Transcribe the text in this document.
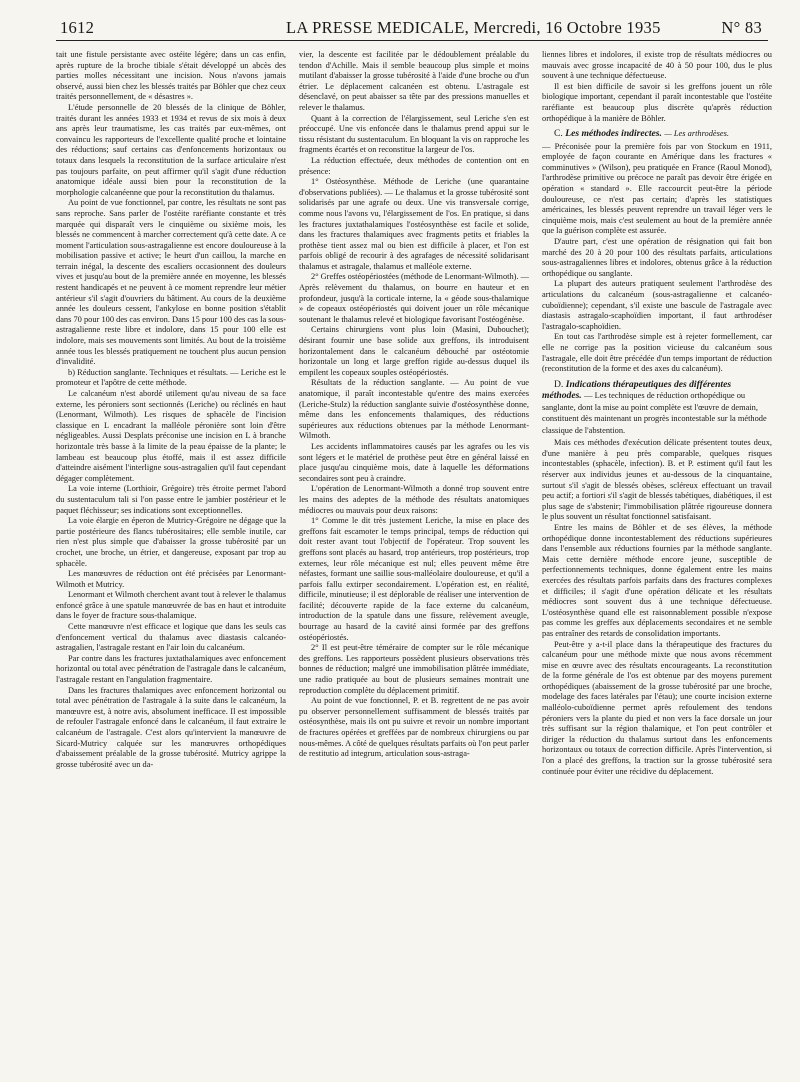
1612	LA PRESSE MEDICALE, Mercredi, 16 Octobre 1935	N° 83

tait une fistule persistante avec ostéite légère; dans un cas enfin, après rupture de la broche tibiale s'était développé un abcès des parties molles nécessitant une incision. Nous n'avons jamais observé, aussi bien chez les blessés traités par Böhler que chez ceux traités personnellement, de « désastres ».

L'étude personnelle de 20 blessés de la clinique de Böhler, traités durant les années 1933 et 1934 et revus de six mois à deux ans après leur traumatisme, les cas traités par eux-mêmes, ont convaincu les rapporteurs de l'excellente qualité proche et lointaine des réductions; sauf certains cas d'enfoncements horizontaux ou totaux dans lesquels la reconstitution de la surface articulaire n'est pas toujours parfaite, on peut affirmer qu'il s'agit d'une réduction anatomique idéale aussi bien pour la reconstitution de la morphologie calcanéenne que pour la reconstitution du thalamus.

Au point de vue fonctionnel, par contre, les résultats ne sont pas sans reproche. Sans parler de l'ostéite raréfiante constante et très marquée qui disparaît vers le cinquième ou sixième mois, les blessés ne commencent à marcher correctement qu'à cette date. A ce moment l'articulation sous-astragalienne est encore douloureuse à la mobilisation passive et active; le heurt d'un caillou, la marche en terrain inégal, la descente des escaliers occasionnent des douleurs vives et jusqu'au bout de la première année en moyenne, les blessés restent handicapés et ne peuvent à ce moment reprendre leur métier antérieur s'il s'agit d'ouvriers du bâtiment. Au cours de la deuxième année les douleurs cessent, l'ankylose en bonne position s'établit dans 70 pour 100 des cas environ. Dans 15 pour 100 des cas la sous-astragalienne reste libre et indolore, dans 15 pour 100 elle est indolore, mais ses mouvements sont limités. Au bout de la troisième année tous les blessés pratiquement ne touchent plus aucun pension d'invalidité.

b) Réduction sanglante. Techniques et résultats. — Leriche est le promoteur et l'apôtre de cette méthode.

Le calcanéum n'est abordé utilement qu'au niveau de sa face externe, les péroniers sont sectionnés (Leriche) ou réclinés en haut (Lenormant, Wilmoth). Les risques de sphacèle de l'incision classique en L encadrant la malléole péronière sont loin d'être négligeables. Aussi Desplats préconise une incision en L à branche horizontale très basse à la limite de la peau épaisse de la plante; le lambeau est beaucoup plus étoffé, mais il est assez difficile d'atteindre aisément l'interligne sous-astragalien qu'il faut cependant dégager complètement.

La voie interne (Lorthioir, Grégoire) très étroite permet l'abord du sustentaculum tali si l'on passe entre le jambier postérieur et le paquet fléchisseur; ses indications sont exceptionnelles.

La voie élargie en éperon de Mutricy-Grégoire ne dégage que la partie postérieure des flancs tubérositaires; elle semble inutile, car rien n'est plus simple que d'abaisser la grosse tubérosité par un crochet, une broche, un étrier, et dangereuse, exposant par trop au sphacèle.

Les manœuvres de réduction ont été précisées par Lenormant-Wilmoth et Mutricy.

Lenormant et Wilmoth cherchent avant tout à relever le thalamus enfoncé grâce à une spatule manœuvrée de bas en haut et introduite dans le foyer de fracture sous-thalamique.

Cette manœuvre n'est efficace et logique que dans les seuls cas d'enfoncement vertical du thalamus avec diastasis calcanéo-astragalien, l'astragale restant en l'air loin du calcanéum.

Par contre dans les fractures juxtathalamiques avec enfoncement horizontal ou total avec pénétration de l'astragale dans le calcanéum, l'astragale restant en l'angulation fragmentaire.

Dans les fractures thalamiques avec enfoncement horizontal ou total avec pénétration de l'astragale à la suite dans le calcanéum, la manœuvre est, à notre avis, absolument inefficace. Il est impossible de refouler l'astragale enfoncé dans le calcanéum, il faut extraire le calcanéum de l'astragale. C'est alors qu'intervient la manœuvre de Sicard-Mutricy calquée sur les manœuvres orthopédiques d'abaissement préalable de la grosse tubérosité. Mutricy agrippe la grosse tubérosité avec un da-

vier, la descente est facilitée par le dédoublement préalable du tendon d'Achille. Mais il semble beaucoup plus simple et moins mutilant d'abaisser la grosse tubérosité à l'aide d'une broche ou d'un étrier. Le déplacement calcanéen est obtenu. L'astragale est désenclavé, on peut abaisser sa tête par des pressions manuelles et relever le thalamus.

Quant à la correction de l'élargissement, seul Leriche s'en est préoccupé. Une vis enfoncée dans le thalamus prend appui sur le tissu résistant du sustentaculum. En bloquant la vis on rapproche les fragments écartés et on reconstitue la largeur de l'os.

La réduction effectuée, deux méthodes de contention ont en présence:

1° Ostéosynthèse. Méthode de Leriche (une quarantaine d'observations publiées). — Le thalamus et la grosse tubérosité sont solidarisés par une agrafe ou deux. Une vis transversale corrige, comme nous l'avons vu, l'élargissement de l'os. En pratique, si dans les fractures juxtathalamiques l'ostéosynthèse est facile et solide, dans les fractures thalamiques avec fragments petits et friables la prothèse tient assez mal ou bien est difficile à placer, et l'on est parfois obligé de recourir à des agrafages de nécessité solidarisant thalamus et astragale, thalamus et malléole externe.

2° Greffes ostéopériostées (méthode de Lenormant-Wilmoth). — Après relèvement du thalamus, on bourre en hauteur et en profondeur, jusqu'à la corticale interne, la « géode sous-thalamique » de copeaux ostéopériostés qui doivent jouer un rôle mécanique soutenant le thalamus relevé et biologique favorisant l'ostéogénèse.

Certains chirurgiens vont plus loin (Masini, Dubouchet); désirant fournir une base solide aux greffons, ils introduisent horizontalement dans le calcanéum débouché par ostéotomie horizontale un long et large greffon rigide au-dessus duquel ils empilent les copeaux souples ostéopériostés.

Résultats de la réduction sanglante. — Au point de vue anatomique, il paraît incontestable qu'entre des mains exercées (Leriche-Stulz) la réduction sanglante suivie d'ostéosynthèse donne, même dans les enfoncements thalamiques, des réductions supérieures aux réductions obtenues par la méthode Lenormant-Wilmoth.

Les accidents inflammatoires causés par les agrafes ou les vis sont légers et le matériel de prothèse peut être en général laissé en place jusqu'au cinquième mois, date à laquelle les déformations secondaires sont peu à craindre.

L'opération de Lenormant-Wilmoth a donné trop souvent entre les mains des adeptes de la méthode des résultats anatomiques médiocres ou mauvais pour deux raisons:

1° Comme le dit très justement Leriche, la mise en place des greffons fait escamoter le temps principal, temps de réduction qui doit rester avant tout l'objectif de l'opérateur. Trop souvent les greffons sont placés au hasard, trop antérieurs, trop postérieurs, trop externes, leur rôle mécanique est nul; elles peuvent même être néfastes, formant une saillie sous-malléolaire douloureuse, et qu'il a parfois fallu extirper secondairement. L'opération est, en réalité, difficile, minutieuse; il est déplorable de réaliser une intervention de facilité; découverte rapide de la face externe du calcanéum, introduction de la spatule dans une fissure, relèvement aveugle, bourrage au hasard de la cavité ainsi formée par des greffons ostéopériostés.

2° Il est peut-être téméraire de compter sur le rôle mécanique des greffons. Les rapporteurs possèdent plusieurs observations très bonnes de réduction; malgré une immobilisation plâtrée immédiate, une radio pratiquée au bout de plusieurs semaines montrait une reproduction complète du déplacement primitif.

Au point de vue fonctionnel, P. et B. regrettent de ne pas avoir pu observer personnellement suffisamment de blessés traités par ostéosynthèse, mais ils ont pu suivre et revoir un nombre important de fractures opérées et greffées par de nombreux chirurgiens ou par nous-mêmes. A côté de quelques résultats parfaits où l'on peut parler de restitutio ad integrum, articulation sous-astraga-

liennes libres et indolores, il existe trop de résultats médiocres ou mauvais avec grosse incapacité de 40 à 50 pour 100, dus le plus souvent à une technique défectueuse.

Il est bien difficile de savoir si les greffons jouent un rôle biologique important, cependant il paraît incontestable que l'ostéite raréfiante est beaucoup plus discrète qu'après réduction orthopédique à la manière de Böhler.

C. Les méthodes indirectes. — Les arthrodèses.

— Préconisée pour la première fois par von Stockum en 1911, employée de façon courante en Amérique dans les fractures « comminutives » (Wilson), peu pratiquée en France (Raoul Monod), l'arthrodèse primitive ou précoce ne paraît pas devoir être érigée en opération « standard ». Elle raccourcit peut-être la période douloureuse, ce n'est pas certain; d'après les statistiques américaines, les blessés peuvent reprendre un travail léger vers le cinquième mois, mais c'est seulement au bout de la première année que la guérison complète est assurée.

D'autre part, c'est une opération de résignation qui fait bon marché des 20 à 20 pour 100 des résultats parfaits, articulations sous-astragaliennes libres et indolores, obtenus grâce à la réduction orthopédique ou sanglante.

La plupart des auteurs pratiquent seulement l'arthrodèse des articulations du calcanéum (sous-astragalienne et calcanéo-cuboïdienne); cependant, s'il existe une bascule de l'astragale avec diastasis astragalo-scaphoïdien important, il faut arthrodéser l'astragalo-scaphoïdien.

En tout cas l'arthrodèse simple est à rejeter formellement, car elle ne corrige pas la position vicieuse du calcanéum sous l'astragale, elle doit être précédée d'un temps important de réduction (reconstitution de la forme et des axes du calcanéum).

D. Indications thérapeutiques des différentes méthodes. — Les techniques de réduction orthopédique ou sanglante, dont la mise au point complète est l'œuvre de demain, constituent dès maintenant un progrès incontestable sur la méthode classique de l'abstention.

Mais ces méthodes d'exécution délicate présentent toutes deux, d'une manière à peu près comparable, quelques risques incontestables (sphacèle, infection). B. et P. estiment qu'il faut les réserver aux individus jeunes et au-dessous de la cinquantaine, surtout s'il s'agit de blessés obèses, scléreux effectuant un travail peu actif; a fortiori s'il s'agit de blessés tabétiques, diabétiques, il est plus sage de s'abstenir; l'immobilisation plâtrée rigoureuse donnera le plus souvent un résultat fonctionnel satisfaisant.

Entre les mains de Böhler et de ses élèves, la méthode orthopédique donne incontestablement des réductions supérieures dans l'ensemble aux réductions fournies par la méthode sanglante. Mais cette dernière méthode encore jeune, susceptible de perfectionnements techniques, donne également entre les mains exercées des résultats parfois parfaits dans des fractures complexes et difficiles; il s'agit d'une opération délicate et les résultats médiocres sont souvent dus à une technique défectueuse. L'ostéosynthèse quand elle est raisonnablement possible n'expose pas comme les greffes aux déplacements secondaires et ne semble pas entraîner des retards de consolidation importants.

Peut-être y a-t-il place dans la thérapeutique des fractures du calcanéum pour une méthode mixte que nous avons récemment mise en œuvre avec des résultats encourageants. La reconstitution de la forme générale de l'os est obtenue par des moyens purement orthopédiques (abaissement de la grosse tubérosité par une broche, modelage des faces latérales par l'étau); une courte incision externe malléolo-cuboïdienne permet après refoulement des tendons péroniers vers la plante du pied et non vers la face dorsale un jour très suffisant sur la région thalamique, et l'on peut contrôler et diriger la réduction du thalamus surtout dans les enfoncements horizontaux ou totaux de correction difficile. Après l'intervention, si l'on a placé des greffons, la traction sur la grosse tubérosité sera continuée pour éviter une récidive du déplacement.
